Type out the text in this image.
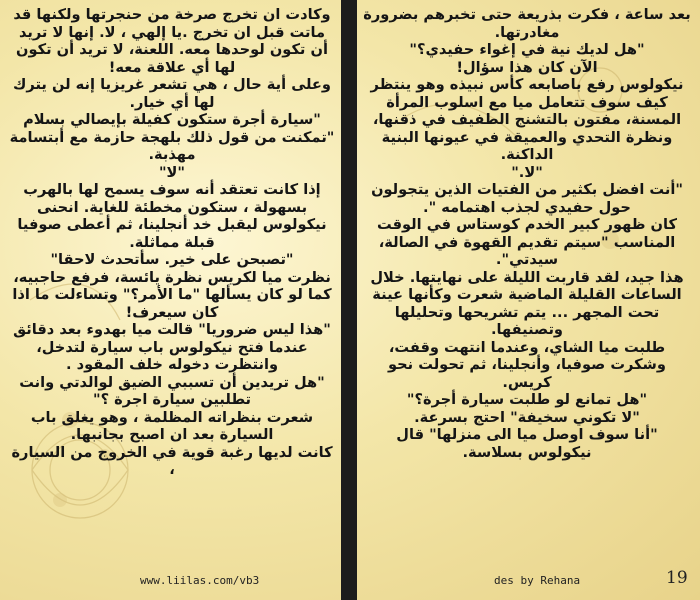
وكادت ان تخرج صرخة من حنجرتها ولكنها قد ماتت قبل ان تخرج .يا إلهي ، لا. إنها لا تريد أن تكون لوحدها معه. اللعنة، لا تريد أن تكون لها أي علاقة معه!

وعلى أية حال ، هي تشعر غريزيا إنه لن يترك لها أي خيار.

"سيارة أجرة ستكون كفيلة بإيصالي بسلام "تمكنت من قول ذلك بلهجة حازمة مع أبتسامة مهذبة.

"لا"

إذا كانت تعتقد أنه سوف يسمح لها بالهرب بسهولة ، ستكون مخطئة للغاية. انحنى نيكولوس ليقبل خد أنجلينا، ثم أعطى صوفيا قبلة مماثلة.

"تصبحن على خير. سأتحدث لاحقا"

نظرت ميا لكريس نظرة يائسة، فرفع حاجبيه، كما لو كان يسألها "ما الأمر؟" وتساءلت ما اذا كان سيعرف!

"هذا ليس ضروريا" قالت ميا بهدوء بعد دقائق عندما فتح نيكولوس باب سيارة لتدخل، وانتظرت دخوله خلف المقود .

"هل تريدين أن تسببي الضيق لوالدتي وانت تطلبين سيارة اجرة ؟"

شعرت بنظراته المظلمة ، وهو يغلق باب السيارة بعد ان اصبح بجانبها.

كانت لديها رغبة قوية في الخروج من السيارة ،

بعد ساعة ، فكرت بذريعة حتى تخبرهم بضرورة مغادرتها.

"هل لديك نية في إغواء حفيدي؟"

الآن كان هذا سؤال!

نيكولوس رفع باصابعه كأس نبيذه وهو ينتظر كيف سوف تتعامل ميا مع اسلوب المرأة المسنة، مفتون بالتشنج الطفيف في ذقنها، ونظرة التحدي والعميقة في عيونها البنية الداكنة.

"لا."

"أنت افضل بكثير من الفتيات الذين يتجولون حول حفيدي لجذب اهتمامه ".

كان ظهور كبير الخدم كوستاس في الوقت المناسب "سيتم تقديم القهوة في الصالة، سيدتي".

هذا جيد، لقد قاربت الليلة على نهايتها. خلال الساعات القليلة الماضية شعرت وكأنها عينة تحت المجهر ... يتم تشريحها وتحليلها وتصنيفها.

طلبت ميا الشاي، وعندما انتهت وقفت، وشكرت صوفيا، وأنجلينا، ثم تحولت نحو كريس.

"هل تمانع لو طلبت سيارة أجرة؟"

"لا تكوني سخيفة" احتج بسرعة.

"أنا سوف اوصل ميا الى منزلها" قال نيكولوس بسلاسة.

www.liilas.com/vb3	des by Rehana	19
